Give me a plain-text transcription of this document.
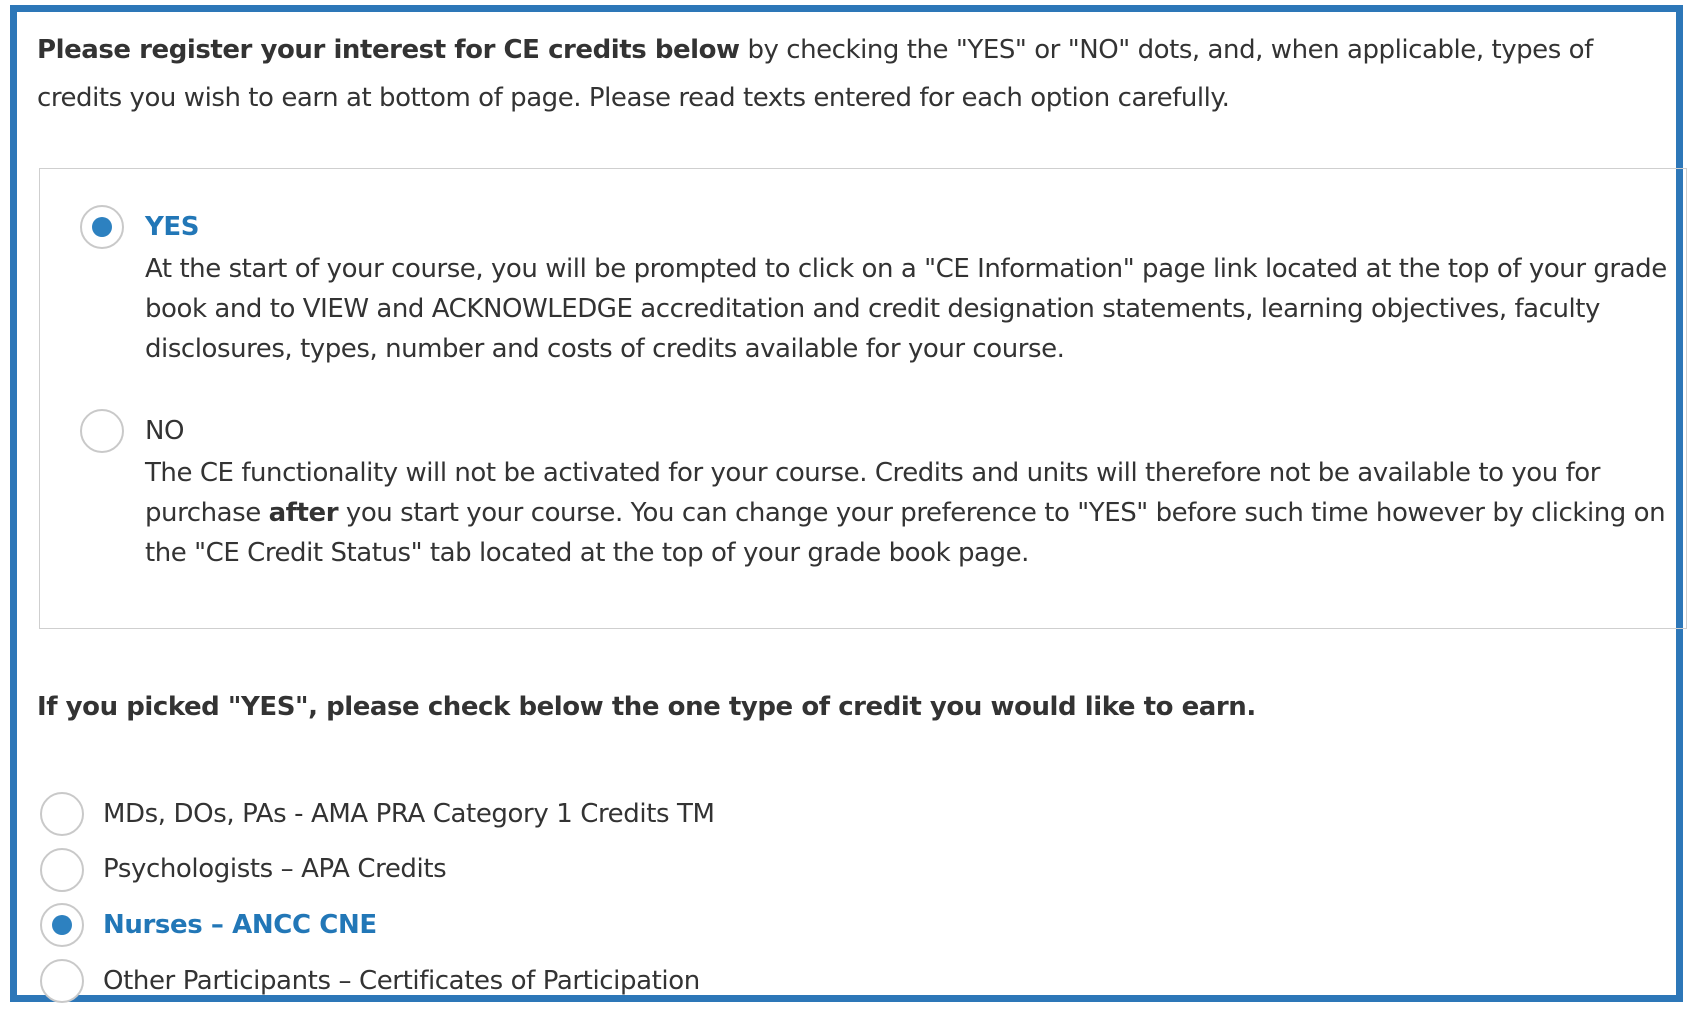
Please register your interest for CE credits below by checking the "YES" or "NO" dots, and, when applicable, types of credits you wish to earn at bottom of page. Please read texts entered for each option carefully.
YES
At the start of your course, you will be prompted to click on a "CE Information" page link located at the top of your grade book and to VIEW and ACKNOWLEDGE accreditation and credit designation statements, learning objectives, faculty disclosures, types, number and costs of credits available for your course.
NO
The CE functionality will not be activated for your course. Credits and units will therefore not be available to you for purchase after you start your course. You can change your preference to "YES" before such time however by clicking on the "CE Credit Status" tab located at the top of your grade book page.
If you picked "YES", please check below the one type of credit you would like to earn.
MDs, DOs, PAs - AMA PRA Category 1 Credits TM
Psychologists – APA Credits
Nurses – ANCC CNE
Other Participants – Certificates of Participation
